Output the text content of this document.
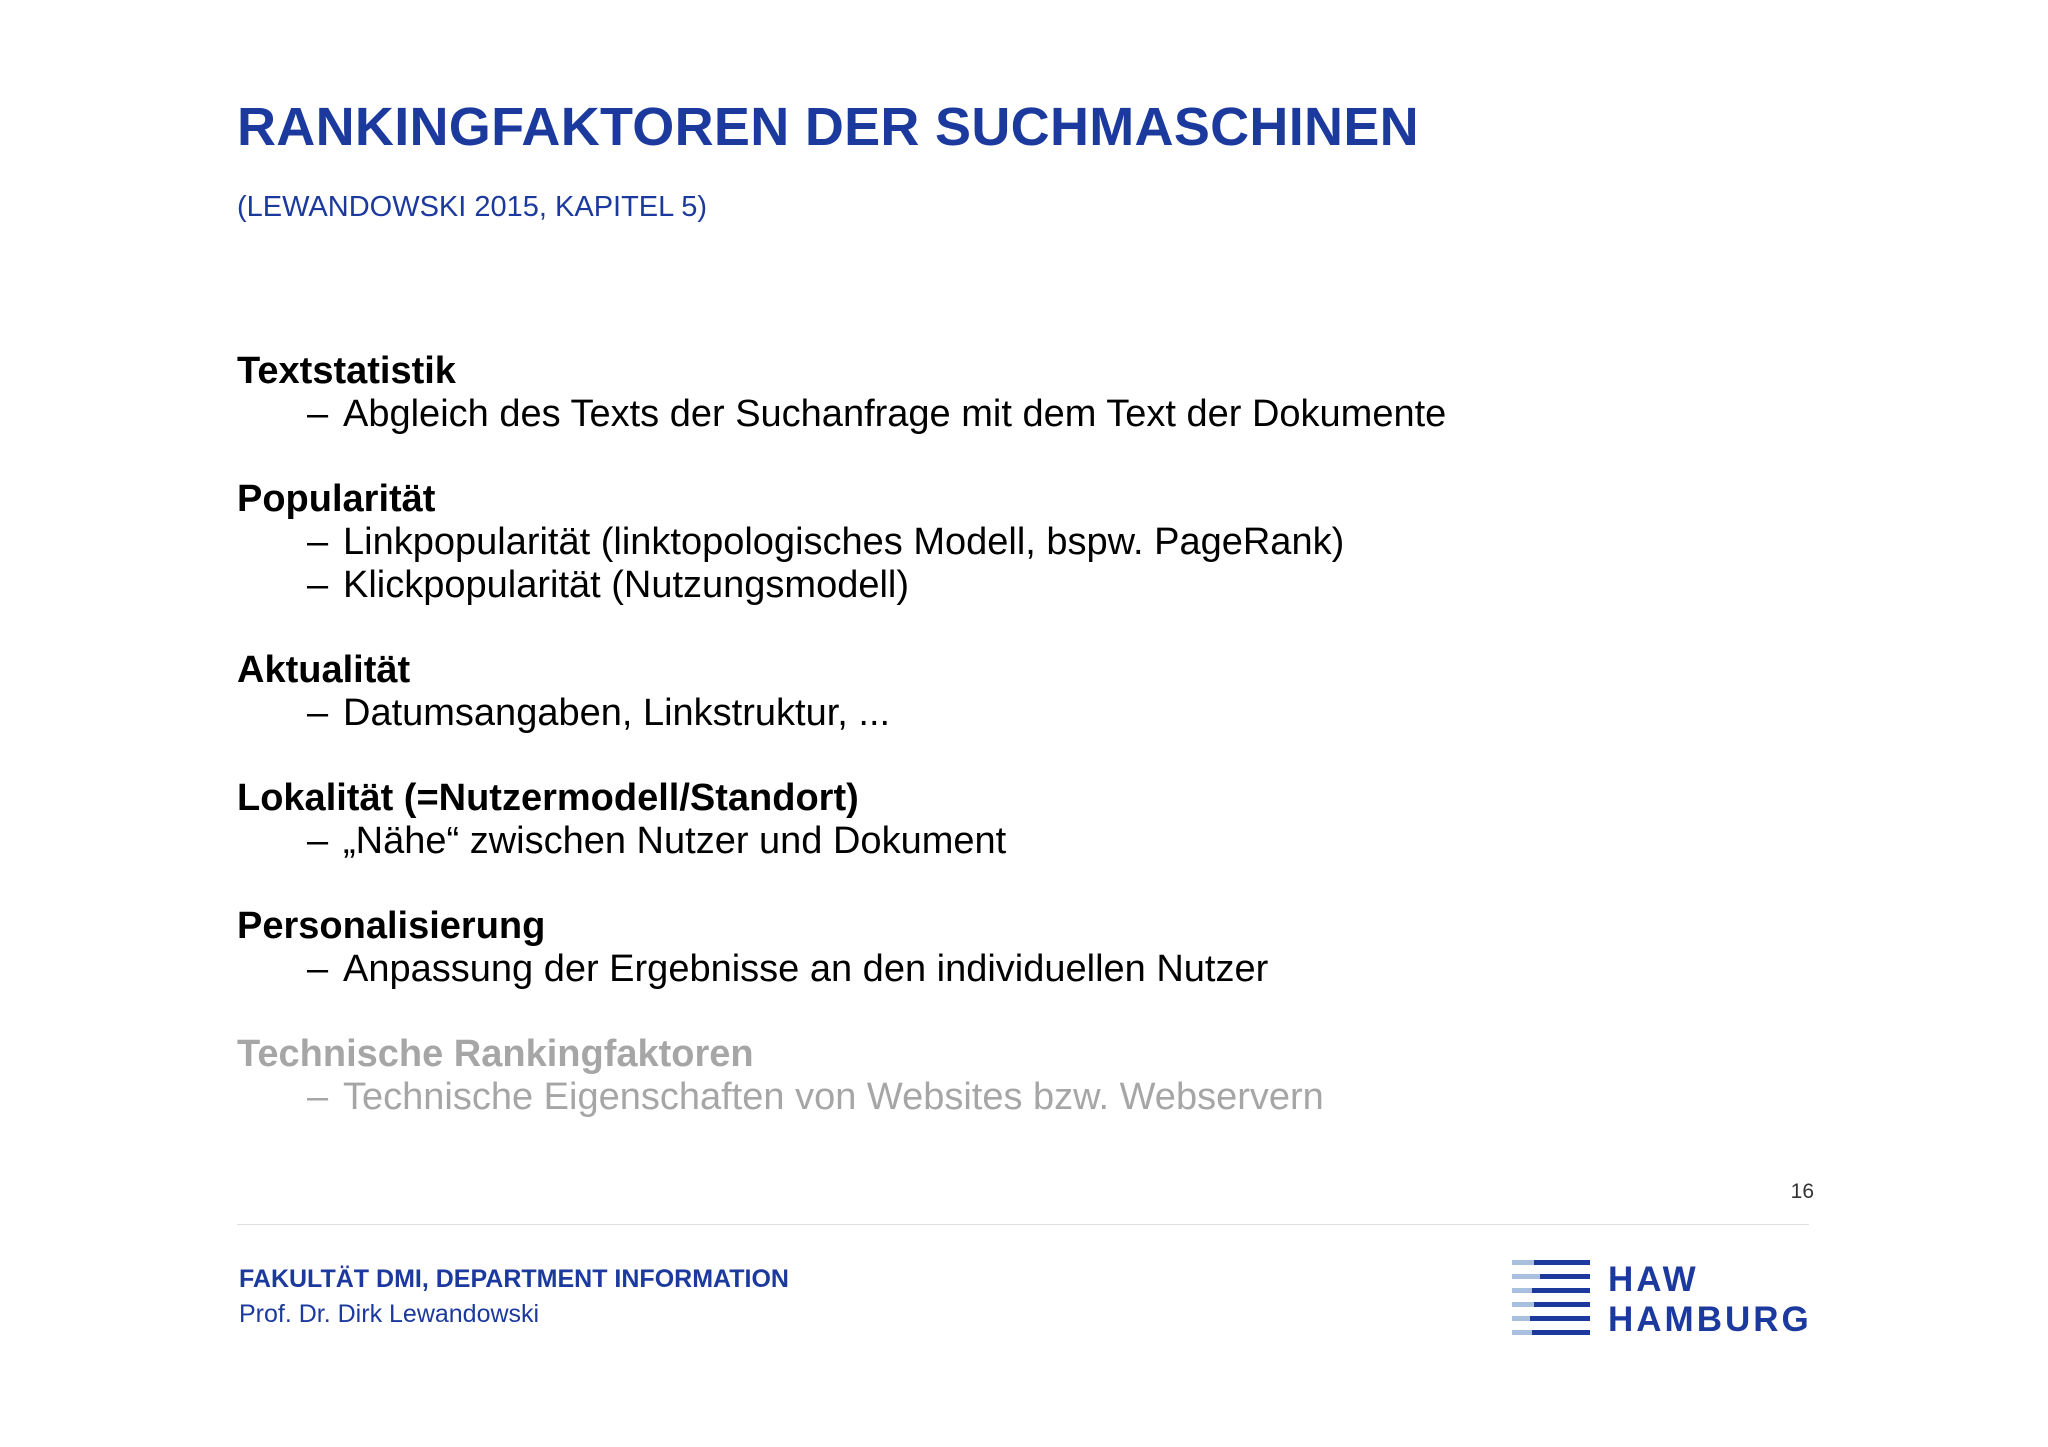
RANKINGFAKTOREN DER SUCHMASCHINEN

(LEWANDOWSKI 2015, KAPITEL 5)

Textstatistik
– Abgleich des Texts der Suchanfrage mit dem Text der Dokumente
Popularität
– Linkpopularität (linktopologisches Modell, bspw. PageRank)
– Klickpopularität (Nutzungsmodell)
Aktualität
– Datumsangaben, Linkstruktur, ...
Lokalität (=Nutzermodell/Standort)
– „Nähe“ zwischen Nutzer und Dokument
Personalisierung
– Anpassung der Ergebnisse an den individuellen Nutzer
Technische Rankingfaktoren
– Technische Eigenschaften von Websites bzw. Webservern
16
FAKULTÄT DMI, DEPARTMENT INFORMATION
Prof. Dr. Dirk Lewandowski
HAW
HAMBURG
